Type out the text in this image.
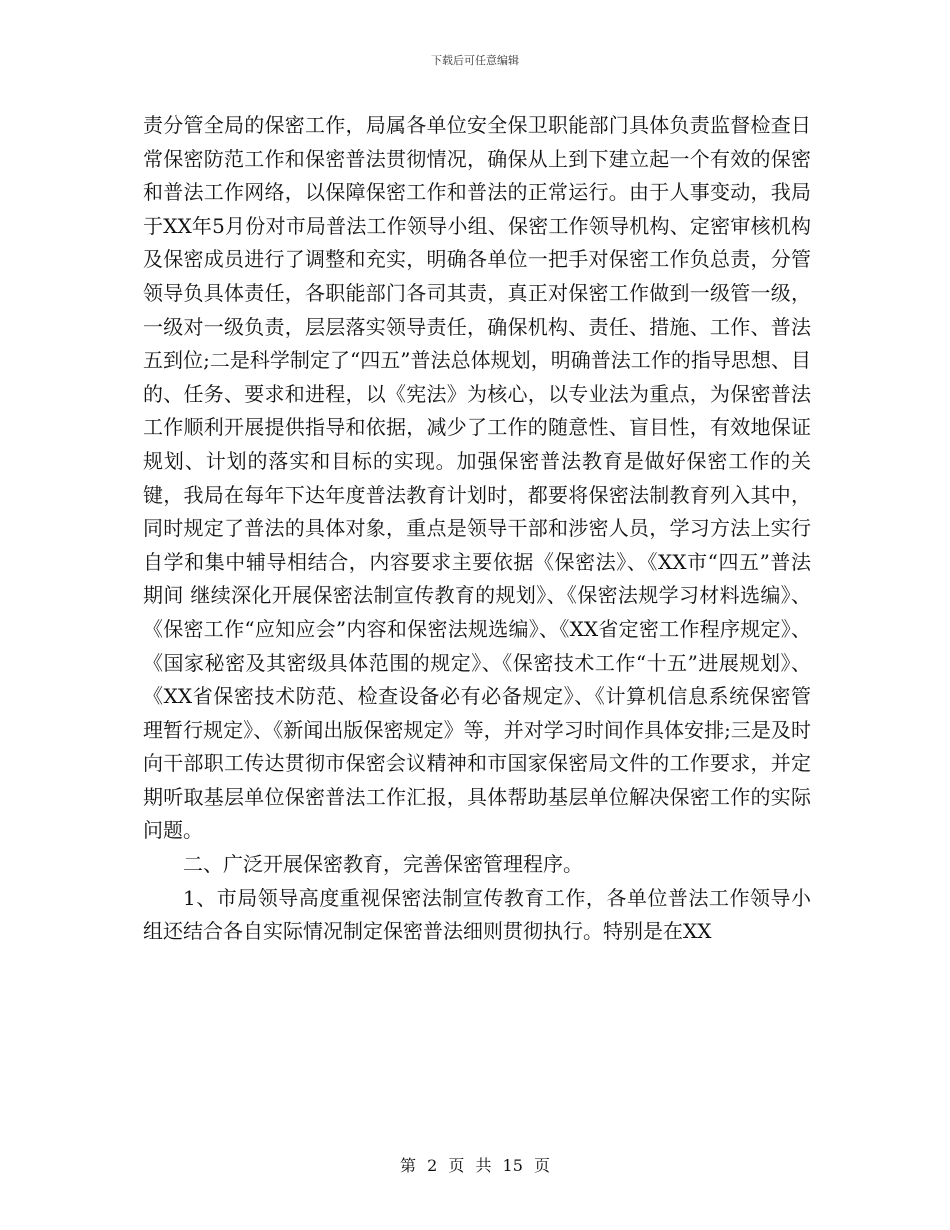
下载后可任意编辑

责分管全局的保密工作，局属各单位安全保卫职能部门具体负责监督检查日常保密防范工作和保密普法贯彻情况，确保从上到下建立起一个有效的保密和普法工作网络，以保障保密工作和普法的正常运行。由于人事变动，我局于XX年5月份对市局普法工作领导小组、保密工作领导机构、定密审核机构及保密成员进行了调整和充实，明确各单位一把手对保密工作负总责，分管领导负具体责任，各职能部门各司其责，真正对保密工作做到一级管一级，一级对一级负责，层层落实领导责任，确保机构、责任、措施、工作、普法五到位;二是科学制定了“四五”普法总体规划，明确普法工作的指导思想、目的、任务、要求和进程，以《宪法》为核心，以专业法为重点，为保密普法工作顺利开展提供指导和依据，减少了工作的随意性、盲目性，有效地保证规划、计划的落实和目标的实现。加强保密普法教育是做好保密工作的关键，我局在每年下达年度普法教育计划时，都要将保密法制教育列入其中，同时规定了普法的具体对象，重点是领导干部和涉密人员，学习方法上实行自学和集中辅导相结合，内容要求主要依据《保密法》、《XX市“四五”普法期间 继续深化开展保密法制宣传教育的规划》、《保密法规学习材料选编》、《保密工作“应知应会”内容和保密法规选编》、《XX省定密工作程序规定》、《国家秘密及其密级具体范围的规定》、《保密技术工作“十五”进展规划》、《XX省保密技术防范、检查设备必有必备规定》、《计算机信息系统保密管理暂行规定》、《新闻出版保密规定》等，并对学习时间作具体安排;三是及时向干部职工传达贯彻市保密会议精神和市国家保密局文件的工作要求，并定期听取基层单位保密普法工作汇报，具体帮助基层单位解决保密工作的实际问题。

二、广泛开展保密教育，完善保密管理程序。

1、市局领导高度重视保密法制宣传教育工作，各单位普法工作领导小组还结合各自实际情况制定保密普法细则贯彻执行。特别是在XX

第 2 页 共 15 页
